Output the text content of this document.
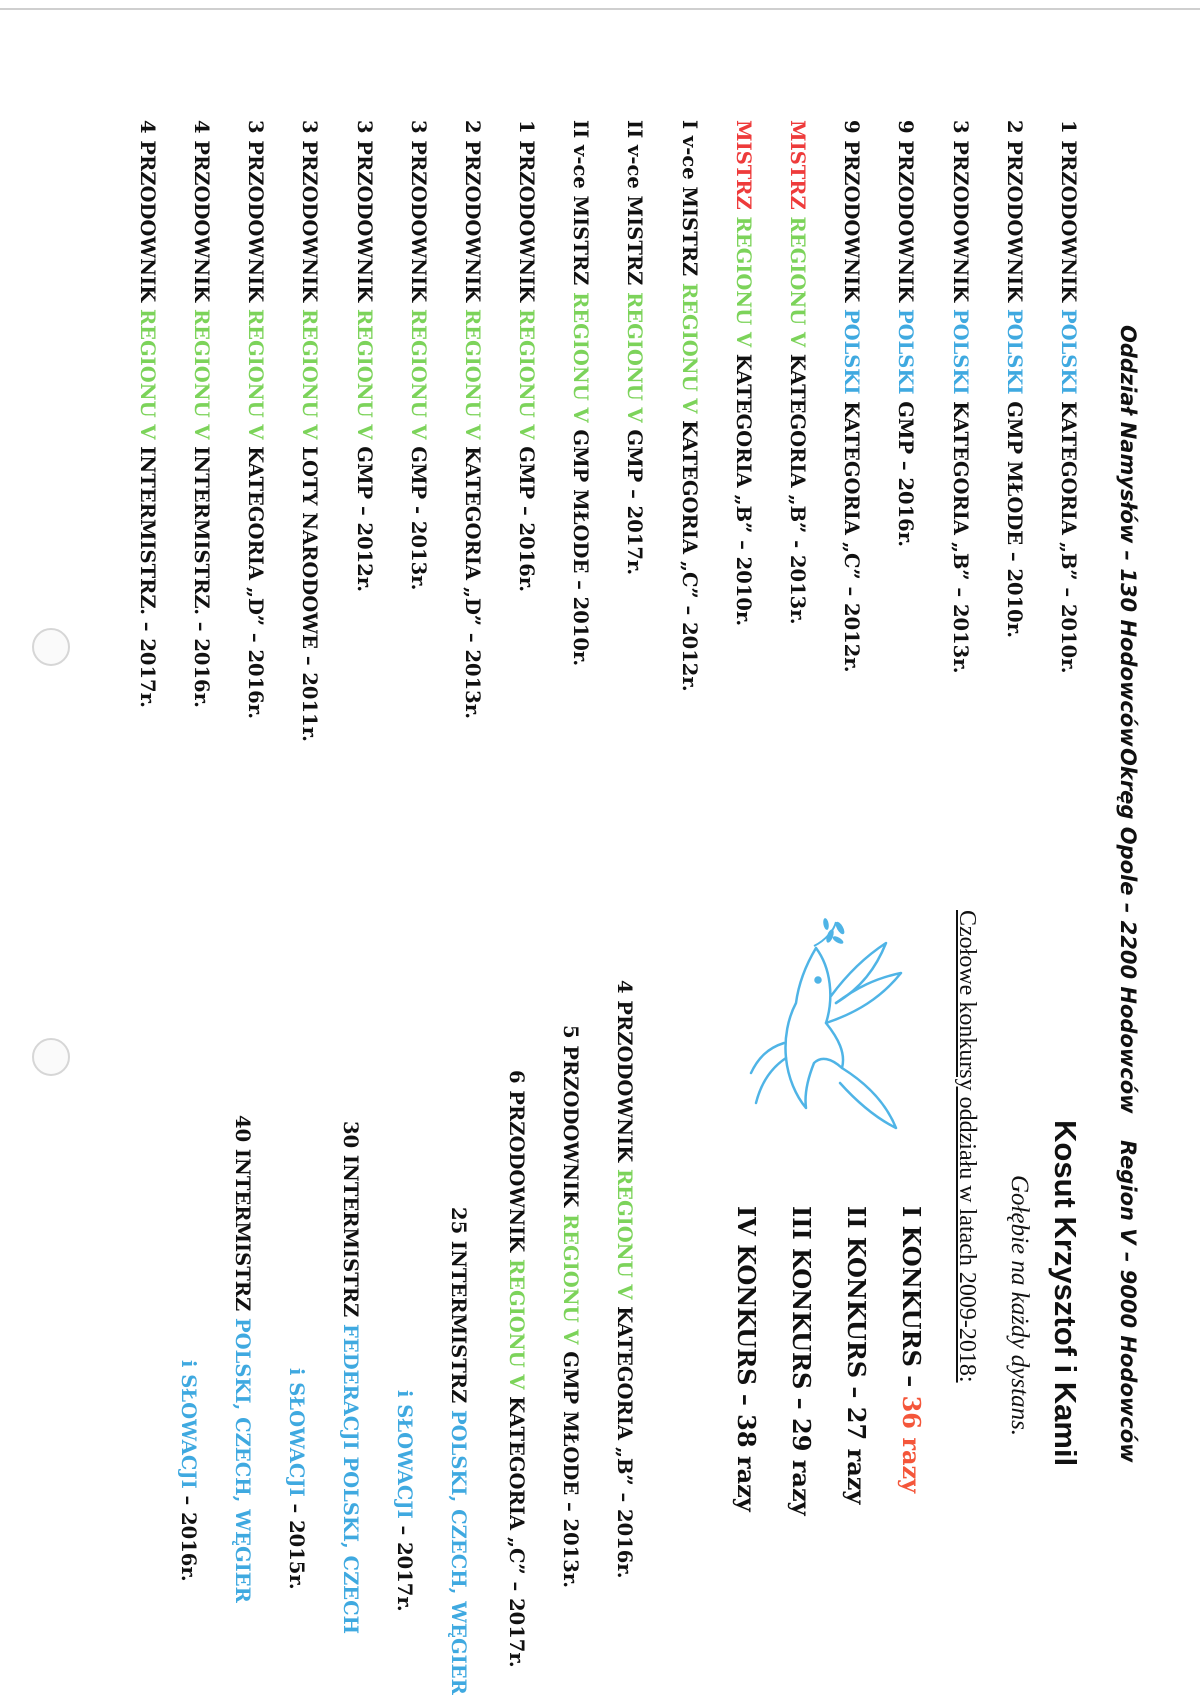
Oddział Namysłów – 130 Hodowców
Okręg Opole – 2200 Hodowców
Region V – 9000 Hodowców
1 PRZODOWNIK POLSKI KATEGORIA „B” – 2010r.
2 PRZODOWNIK POLSKI GMP MŁODE – 2010r.
3 PRZODOWNIK POLSKI KATEGORIA „B” – 2013r.
9 PRZODOWNIK POLSKI GMP – 2016r.
9 PRZODOWNIK POLSKI KATEGORIA „C” – 2012r.
MISTRZ REGIONU V KATEGORIA „B” - 2013r.
MISTRZ REGIONU V KATEGORIA „B” – 2010r.
I v-ce MISTRZ REGIONU V KATEGORIA „C” – 2012r.
II v-ce MISTRZ REGIONU V GMP – 2017r.
II v-ce MISTRZ REGIONU V GMP MŁODE – 2010r.
1 PRZODOWNIK REGIONU V GMP – 2016r.
2 PRZODOWNIK REGIONU V KATEGORIA „D” – 2013r.
3 PRZODOWNIK REGIONU V GMP - 2013r.
3 PRZODOWNIK REGIONU V GMP – 2012r.
3 PRZODOWNIK REGIONU V LOTY NARODOWE – 2011r.
3 PRZODOWNIK REGIONU V KATEGORIA „D” – 2016r.
4 PRZODOWNIK REGIONU V INTERMISTRZ. – 2016r.
4 PRZODOWNIK REGIONU V INTERMISTRZ. – 2017r.
Kosut Krzysztof i Kamil
Gołębie na każdy dystans.
Czołowe konkursy oddziału w latach 2009-2018:
I KONKURS – 36 razy
II KONKURS – 27 razy
III KONKURS – 29 razy
IV KONKURS – 38 razy
4 PRZODOWNIK REGIONU V KATEGORIA „B” – 2016r.
5 PRZODOWNIK REGIONU V GMP MŁODE – 2013r.
6 PRZODOWNIK REGIONU V KATEGORIA „C” – 2017r.
25 INTERMISTRZ POLSKI, CZECH, WĘGIER
i SŁOWACJI – 2017r.
30 INTERMISTRZ FEDERACJI POLSKI, CZECH
i SŁOWACJI – 2015r.
40 INTERMISTRZ POLSKI, CZECH, WĘGIER
i SŁOWACJI – 2016r.
